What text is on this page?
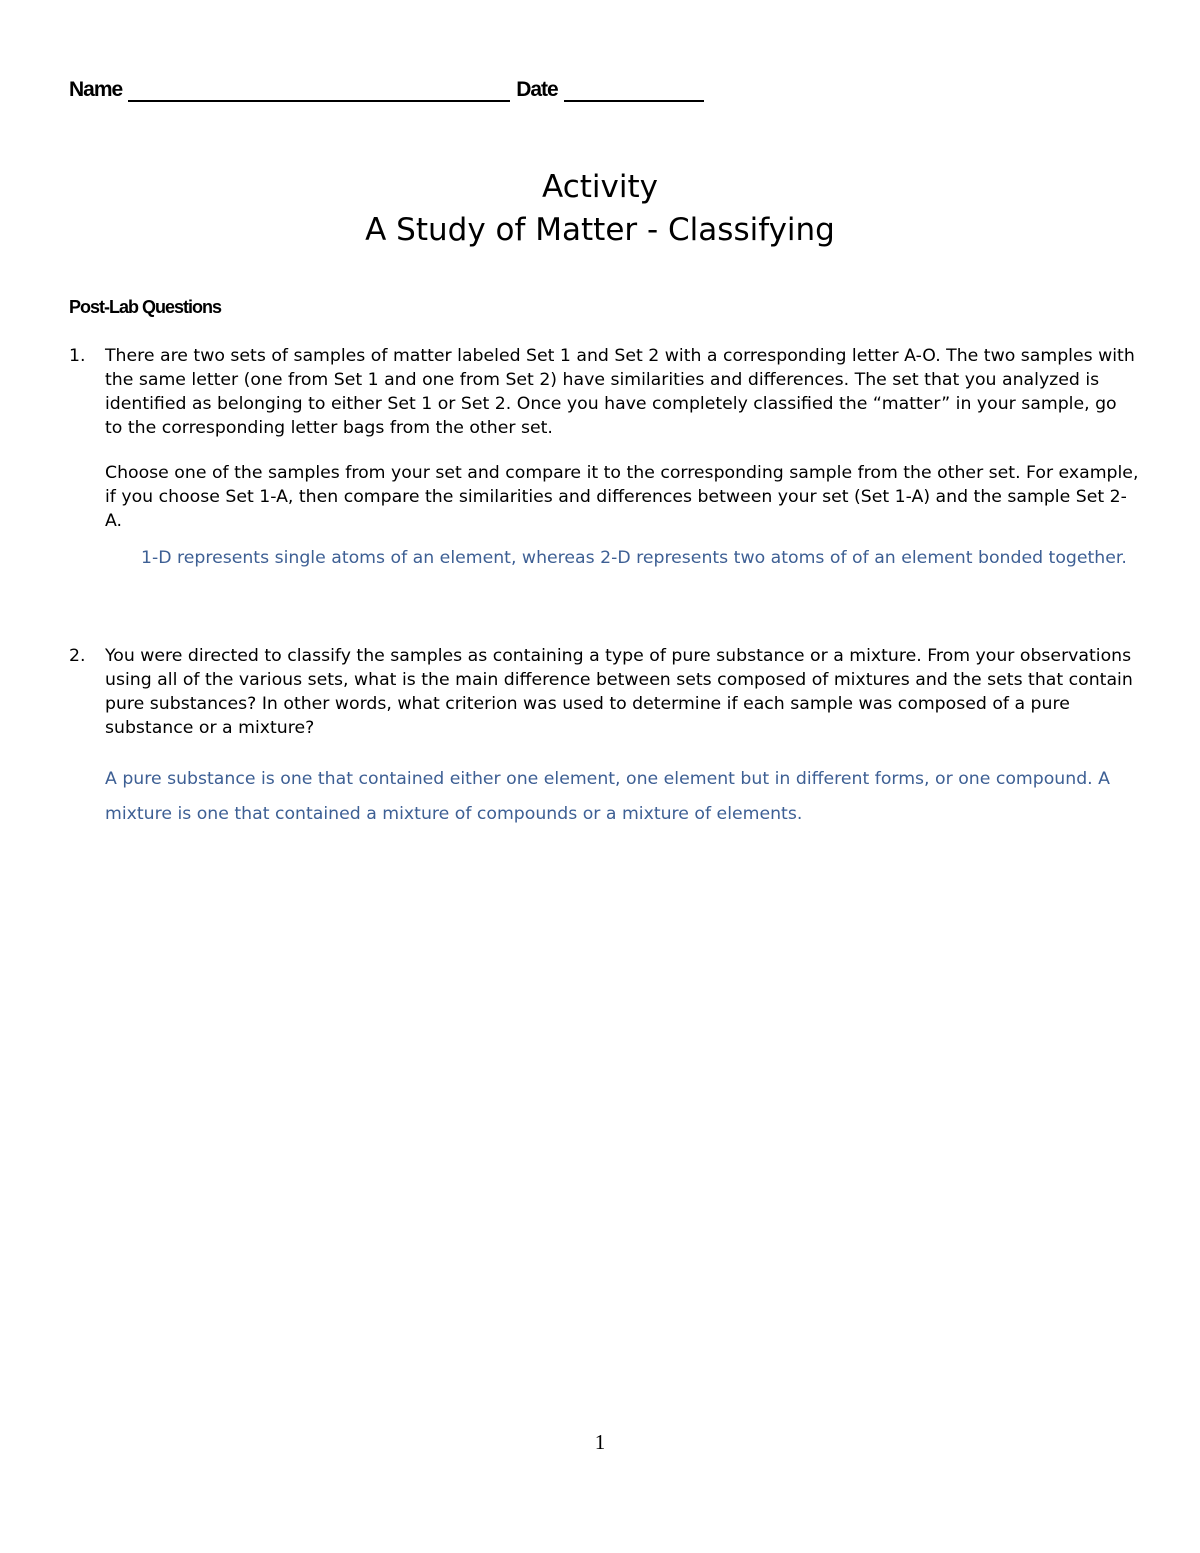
Name	Date
Activity
A Study of Matter - Classifying
Post-Lab Questions
1. There are two sets of samples of matter labeled Set 1 and Set 2 with a corresponding letter A-O. The two samples with the same letter (one from Set 1 and one from Set 2) have similarities and differences. The set that you analyzed is identified as belonging to either Set 1 or Set 2. Once you have completely classified the “matter” in your sample, go to the corresponding letter bags from the other set.

Choose one of the samples from your set and compare it to the corresponding sample from the other set. For example, if you choose Set 1-A, then compare the similarities and differences between your set (Set 1-A) and the sample Set 2-A.

1-D represents single atoms of an element, whereas 2-D represents two atoms of of an element bonded together.

2. You were directed to classify the samples as containing a type of pure substance or a mixture. From your observations using all of the various sets, what is the main difference between sets composed of mixtures and the sets that contain pure substances? In other words, what criterion was used to determine if each sample was composed of a pure substance or a mixture?

A pure substance is one that contained either one element, one element but in different forms, or one compound. A mixture is one that contained a mixture of compounds or a mixture of elements.

1
